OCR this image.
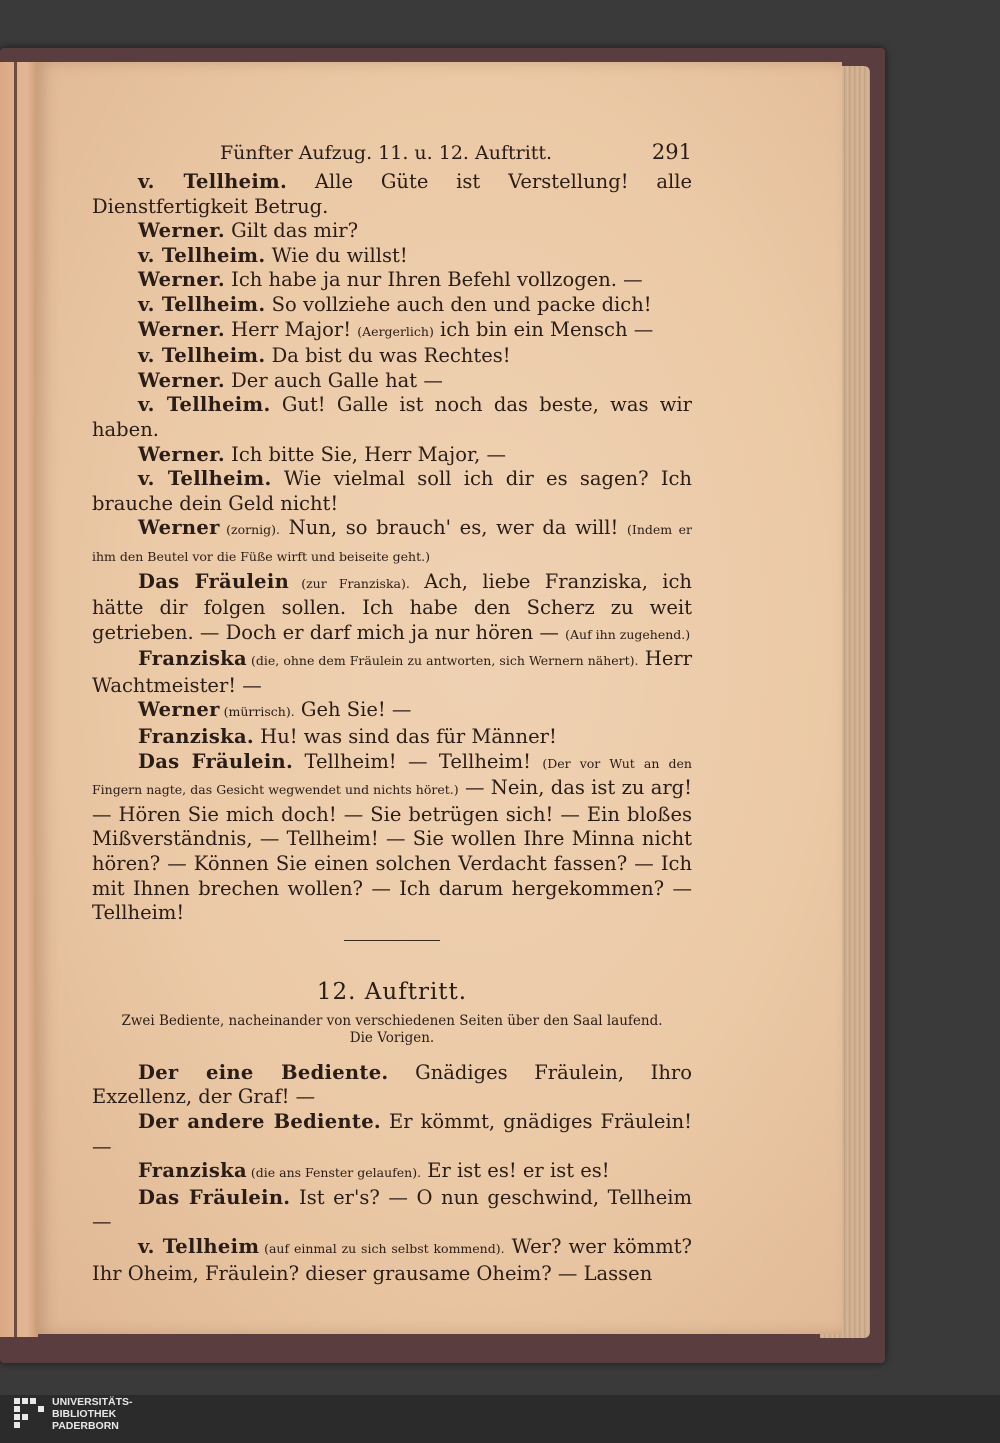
Fünfter Aufzug. 11. u. 12. Auftritt.	291

v. Tellheim. Alle Güte ist Verstellung! alle Dienstfertigkeit Betrug.

Werner. Gilt das mir?

v. Tellheim. Wie du willst!

Werner. Ich habe ja nur Ihren Befehl vollzogen. —

v. Tellheim. So vollziehe auch den und packe dich!

Werner. Herr Major! (Aergerlich) ich bin ein Mensch —

v. Tellheim. Da bist du was Rechtes!

Werner. Der auch Galle hat —

v. Tellheim. Gut! Galle ist noch das beste, was wir haben.

Werner. Ich bitte Sie, Herr Major, —

v. Tellheim. Wie vielmal soll ich dir es sagen? Ich brauche dein Geld nicht!

Werner (zornig). Nun, so brauch' es, wer da will! (Indem er ihm den Beutel vor die Füße wirft und beiseite geht.)

Das Fräulein (zur Franziska). Ach, liebe Franziska, ich hätte dir folgen sollen. Ich habe den Scherz zu weit getrieben. — Doch er darf mich ja nur hören — (Auf ihn zugehend.)

Franziska (die, ohne dem Fräulein zu antworten, sich Wernern nähert). Herr Wachtmeister! —

Werner (mürrisch). Geh Sie! —

Franziska. Hu! was sind das für Männer!

Das Fräulein. Tellheim! — Tellheim! (Der vor Wut an den Fingern nagte, das Gesicht wegwendet und nichts höret.) — Nein, das ist zu arg! — Hören Sie mich doch! — Sie betrügen sich! — Ein bloßes Mißverständnis, — Tellheim! — Sie wollen Ihre Minna nicht hören? — Können Sie einen solchen Verdacht fassen? — Ich mit Ihnen brechen wollen? — Ich darum hergekommen? — Tellheim!

12. Auftritt.
Zwei Bediente, nacheinander von verschiedenen Seiten über den Saal laufend. Die Vorigen.

Der eine Bediente. Gnädiges Fräulein, Ihro Exzellenz, der Graf! —

Der andere Bediente. Er kömmt, gnädiges Fräulein! —

Franziska (die ans Fenster gelaufen). Er ist es! er ist es!

Das Fräulein. Ist er's? — O nun geschwind, Tellheim —

v. Tellheim (auf einmal zu sich selbst kommend). Wer? wer kömmt? Ihr Oheim, Fräulein? dieser grausame Oheim? — Lassen

UNIVERSITÄTS-
BIBLIOTHEK
PADERBORN
